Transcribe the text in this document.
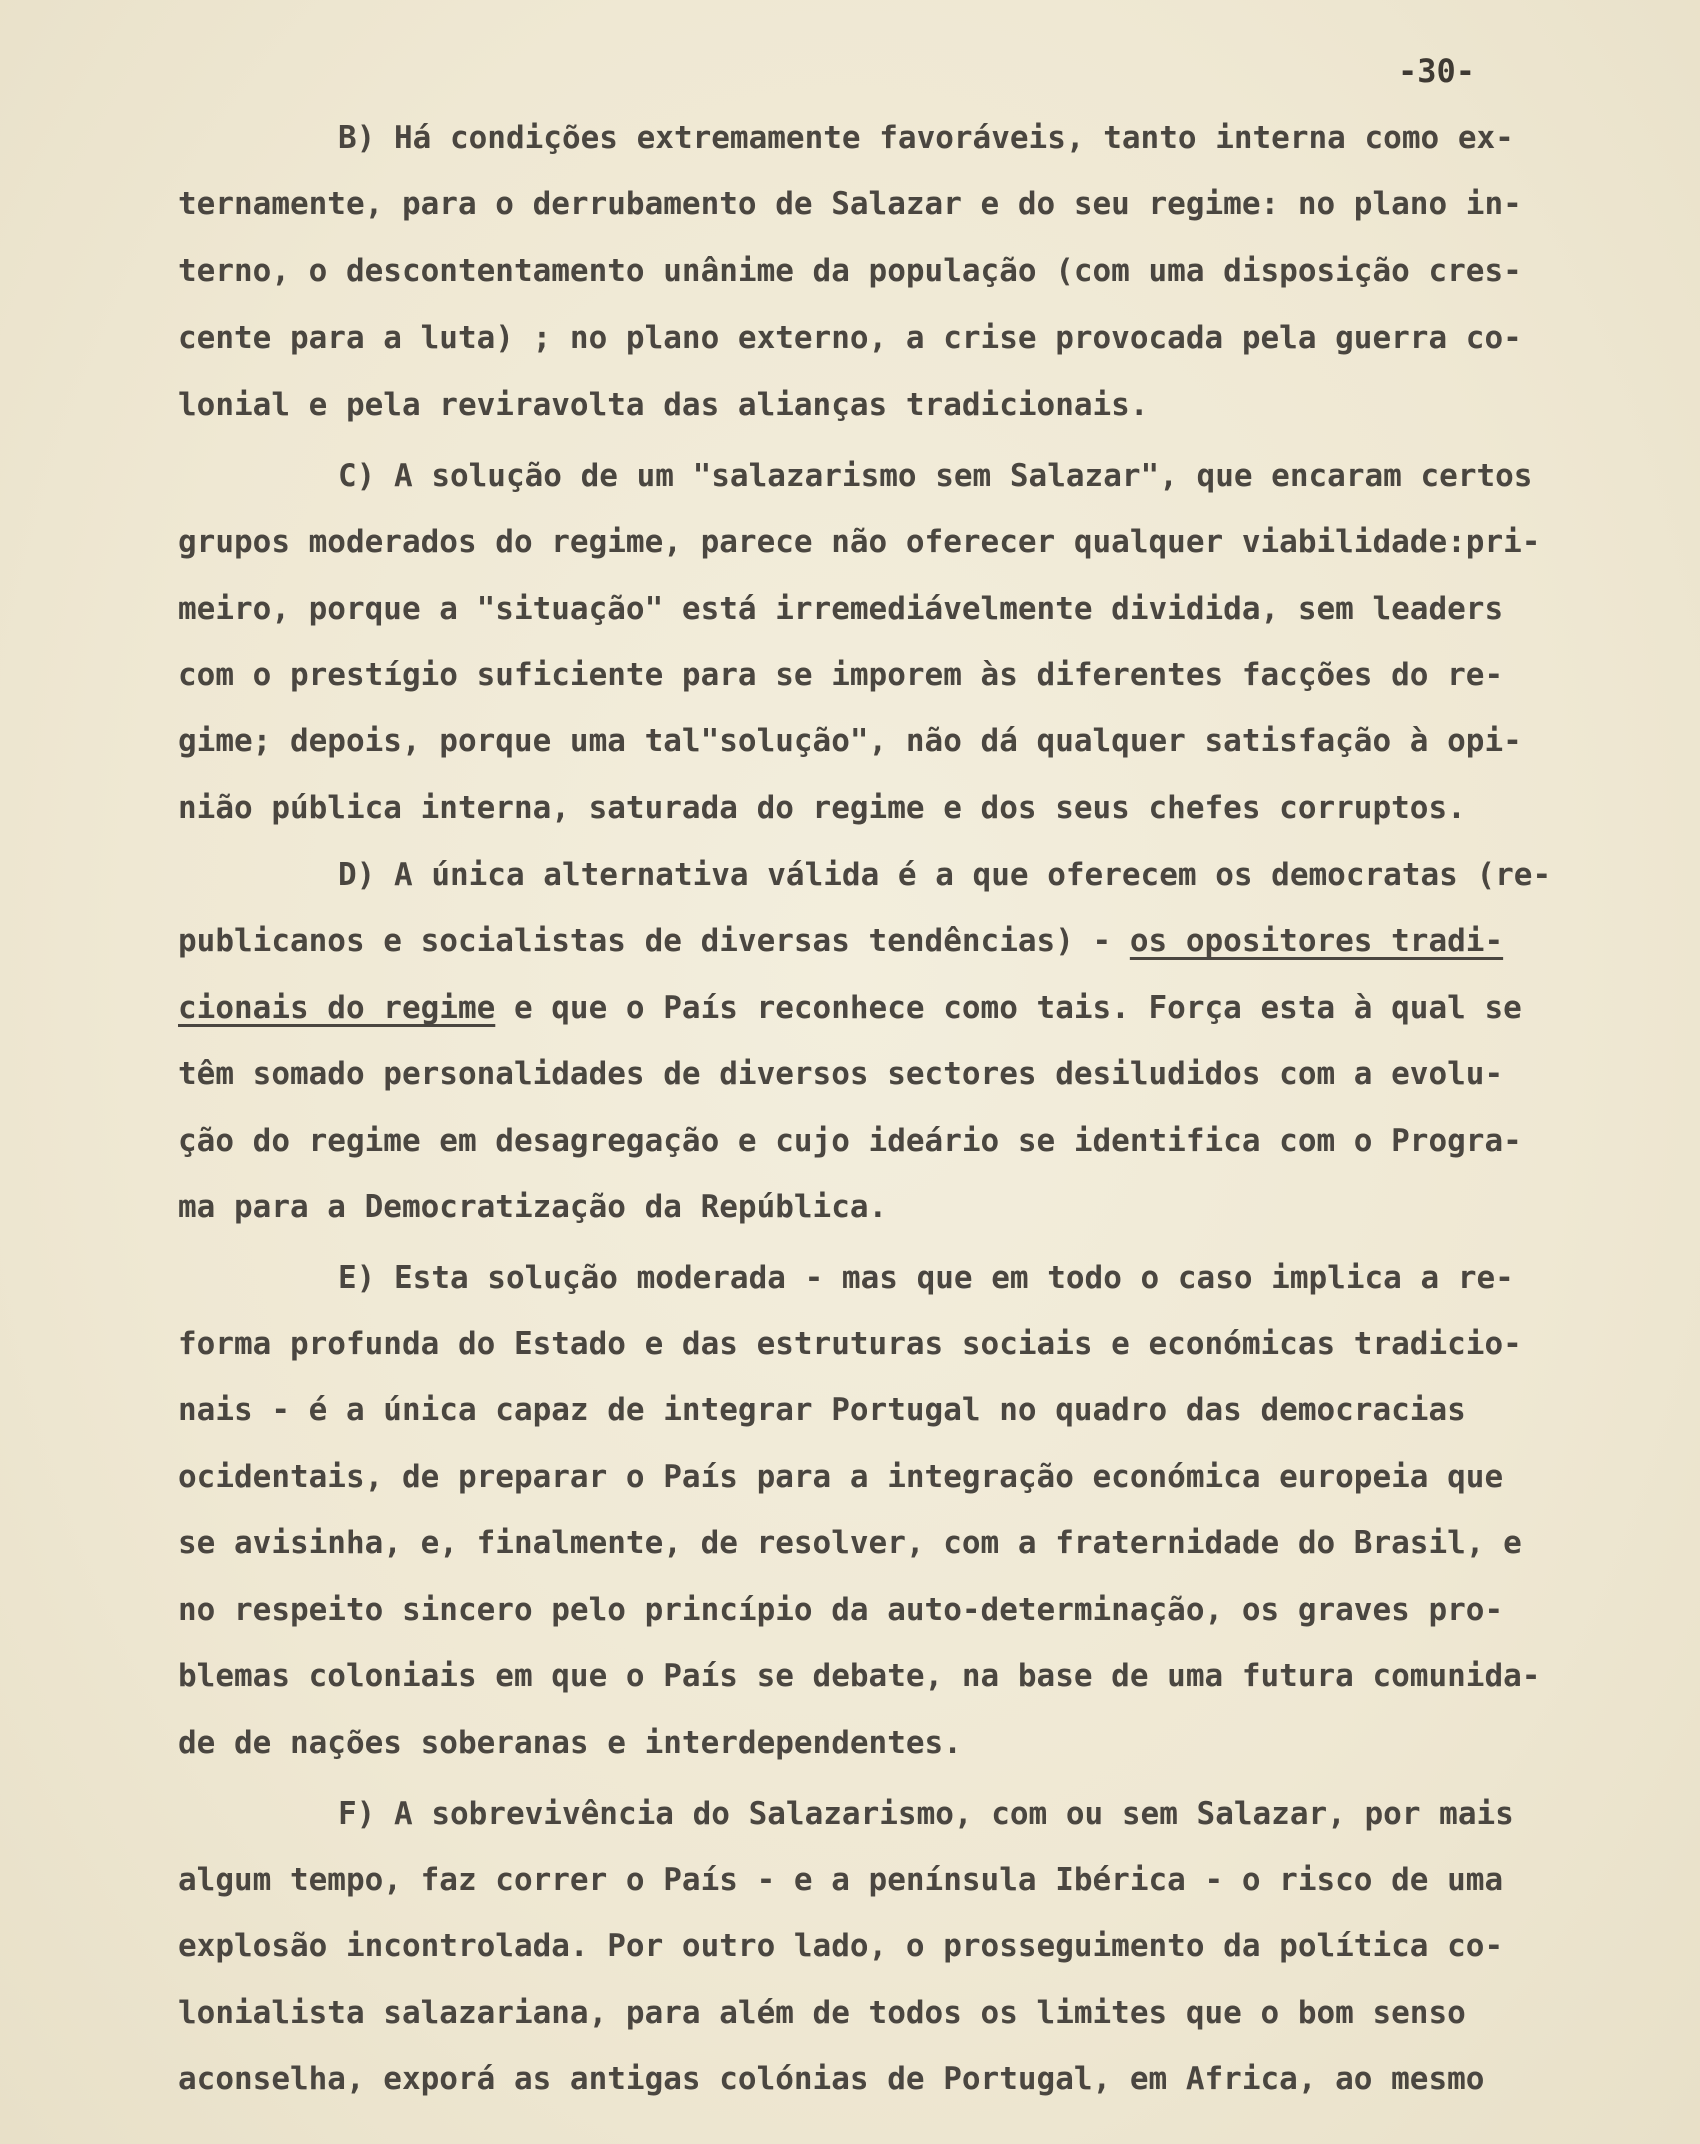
-30-
B) Há condições extremamente favoráveis, tanto interna como ex-
ternamente, para o derrubamento de Salazar e do seu regime: no plano in-
terno, o descontentamento unânime da população (com uma disposição cres-
cente para a luta) ; no plano externo, a crise provocada pela guerra co-
lonial e pela reviravolta das alianças tradicionais.
C) A solução de um "salazarismo sem Salazar", que encaram certos
grupos moderados do regime, parece não oferecer qualquer viabilidade:pri-
meiro, porque a "situação" está irremediávelmente dividida, sem leaders
com o prestígio suficiente para se imporem às diferentes facções do re-
gime; depois, porque uma tal"solução", não dá qualquer satisfação à opi-
nião pública interna, saturada do regime e dos seus chefes corruptos.
D) A única alternativa válida é a que oferecem os democratas (re-
publicanos e socialistas de diversas tendências) - os opositores tradi-
cionais do regime e que o País reconhece como tais. Força esta à qual se
têm somado personalidades de diversos sectores desiludidos com a evolu-
ção do regime em desagregação e cujo ideário se identifica com o Progra-
ma para a Democratização da República.
E) Esta solução moderada - mas que em todo o caso implica a re-
forma profunda do Estado e das estruturas sociais e económicas tradicio-
nais - é a única capaz de integrar Portugal no quadro das democracias
ocidentais, de preparar o País para a integração económica europeia que
se avisinha, e, finalmente, de resolver, com a fraternidade do Brasil, e
no respeito sincero pelo princípio da auto-determinação, os graves pro-
blemas coloniais em que o País se debate, na base de uma futura comunida-
de de nações soberanas e interdependentes.
F) A sobrevivência do Salazarismo, com ou sem Salazar, por mais
algum tempo, faz correr o País - e a península Ibérica - o risco de uma
explosão incontrolada. Por outro lado, o prosseguimento da política co-
lonialista salazariana, para além de todos os limites que o bom senso
aconselha, exporá as antigas colónias de Portugal, em Africa, ao mesmo
